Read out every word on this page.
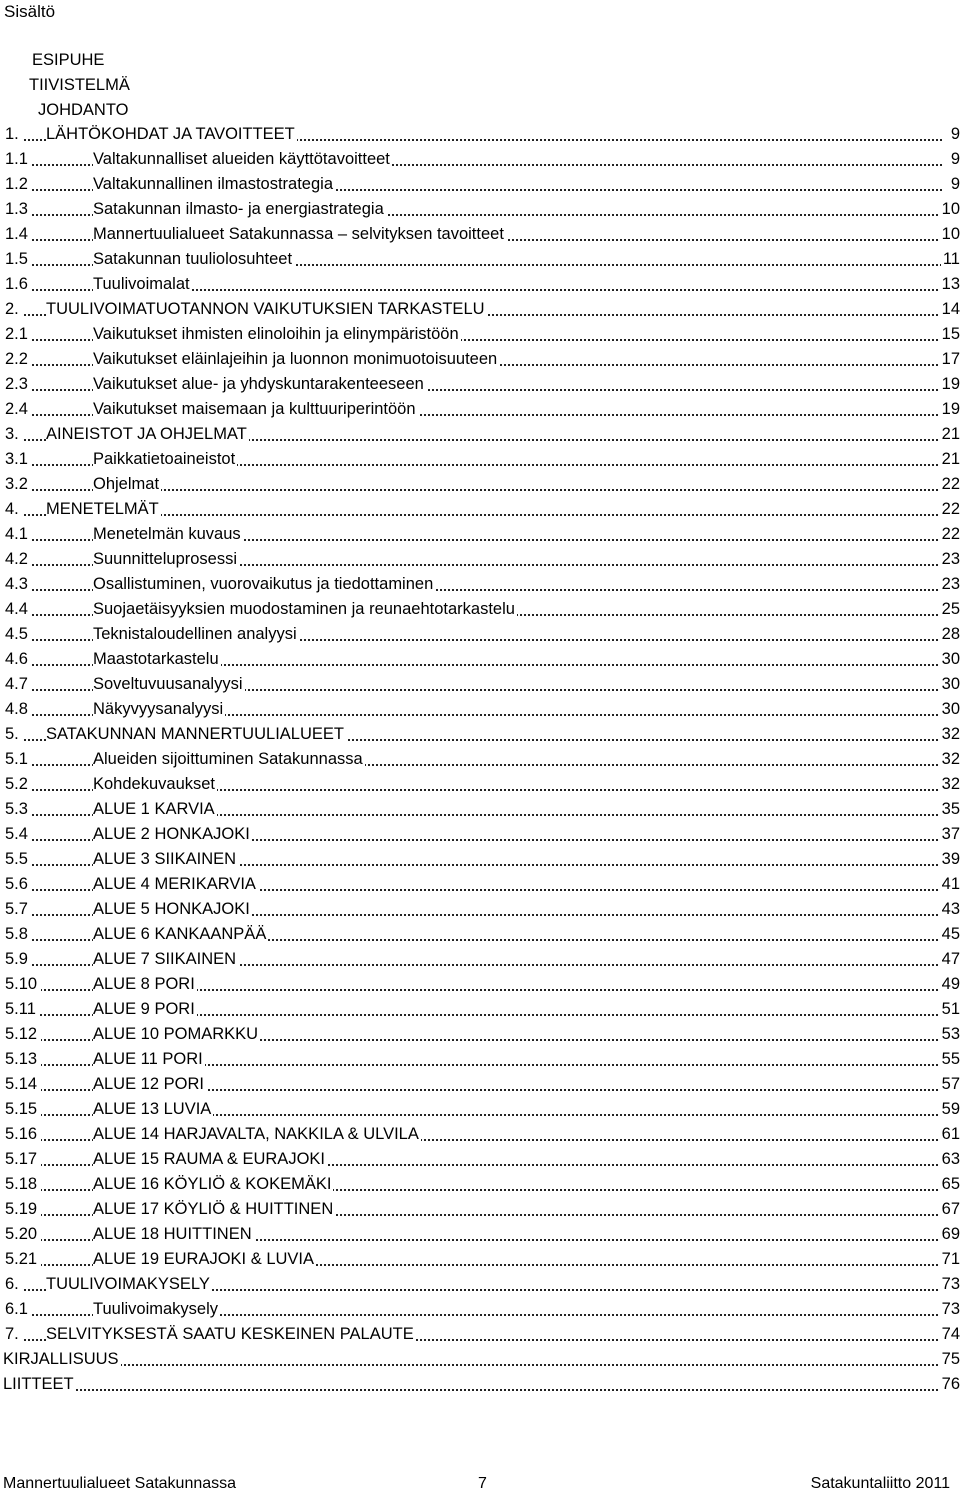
Sisältö
ESIPUHE
TIIVISTELMÄ
JOHDANTO
1. LÄHTÖKOHDAT JA TAVOITTEET	9
1.1	Valtakunnalliset alueiden käyttötavoitteet	9
1.2	Valtakunnallinen ilmastostrategia	9
1.3	Satakunnan ilmasto- ja energiastrategia	10
1.4	Mannertuulialueet Satakunnassa – selvityksen tavoitteet	10
1.5	Satakunnan tuuliolosuhteet	11
1.6	Tuulivoimalat	13
2. TUULIVOIMATUOTANNON VAIKUTUKSIEN TARKASTELU	14
2.1	Vaikutukset ihmisten elinoloihin ja elinympäristöön	15
2.2	Vaikutukset eläinlajeihin ja luonnon monimuotoisuuteen	17
2.3	Vaikutukset alue- ja yhdyskuntarakenteeseen	19
2.4	Vaikutukset maisemaan ja kulttuuriperintöön	19
3. AINEISTOT JA OHJELMAT	21
3.1	Paikkatietoaineistot	21
3.2	Ohjelmat	22
4. MENETELMÄT	22
4.1	Menetelmän kuvaus	22
4.2	Suunnitteluprosessi	23
4.3	Osallistuminen, vuorovaikutus ja tiedottaminen	23
4.4	Suojaetäisyyksien muodostaminen ja reunaehtotarkastelu	25
4.5	Teknistaloudellinen analyysi	28
4.6	Maastotarkastelu	30
4.7	Soveltuvuusanalyysi	30
4.8	Näkyvyysanalyysi	30
5. SATAKUNNAN MANNERTUULIALUEET	32
5.1	Alueiden sijoittuminen Satakunnassa	32
5.2	Kohdekuvaukset	32
5.3	ALUE 1 KARVIA	35
5.4	ALUE 2 HONKAJOKI	37
5.5	ALUE 3 SIIKAINEN	39
5.6	ALUE 4 MERIKARVIA	41
5.7	ALUE 5 HONKAJOKI	43
5.8	ALUE 6 KANKAANPÄÄ	45
5.9	ALUE 7 SIIKAINEN	47
5.10	ALUE 8 PORI	49
5.11	ALUE 9 PORI	51
5.12	ALUE 10 POMARKKU	53
5.13	ALUE 11 PORI	55
5.14	ALUE 12 PORI	57
5.15	ALUE 13 LUVIA	59
5.16	ALUE 14 HARJAVALTA, NAKKILA & ULVILA	61
5.17	ALUE 15 RAUMA & EURAJOKI	63
5.18	ALUE 16 KÖYLIÖ & KOKEMÄKI	65
5.19	ALUE 17 KÖYLIÖ & HUITTINEN	67
5.20	ALUE 18 HUITTINEN	69
5.21	ALUE 19 EURAJOKI & LUVIA	71
6. TUULIVOIMAKYSELY	73
6.1	Tuulivoimakysely	73
7. SELVITYKSESTÄ SAATU KESKEINEN PALAUTE	74
KIRJALLISUUS	75
LIITTEET	76
Mannertuulialueet Satakunnassa	7	Satakuntaliitto 2011
